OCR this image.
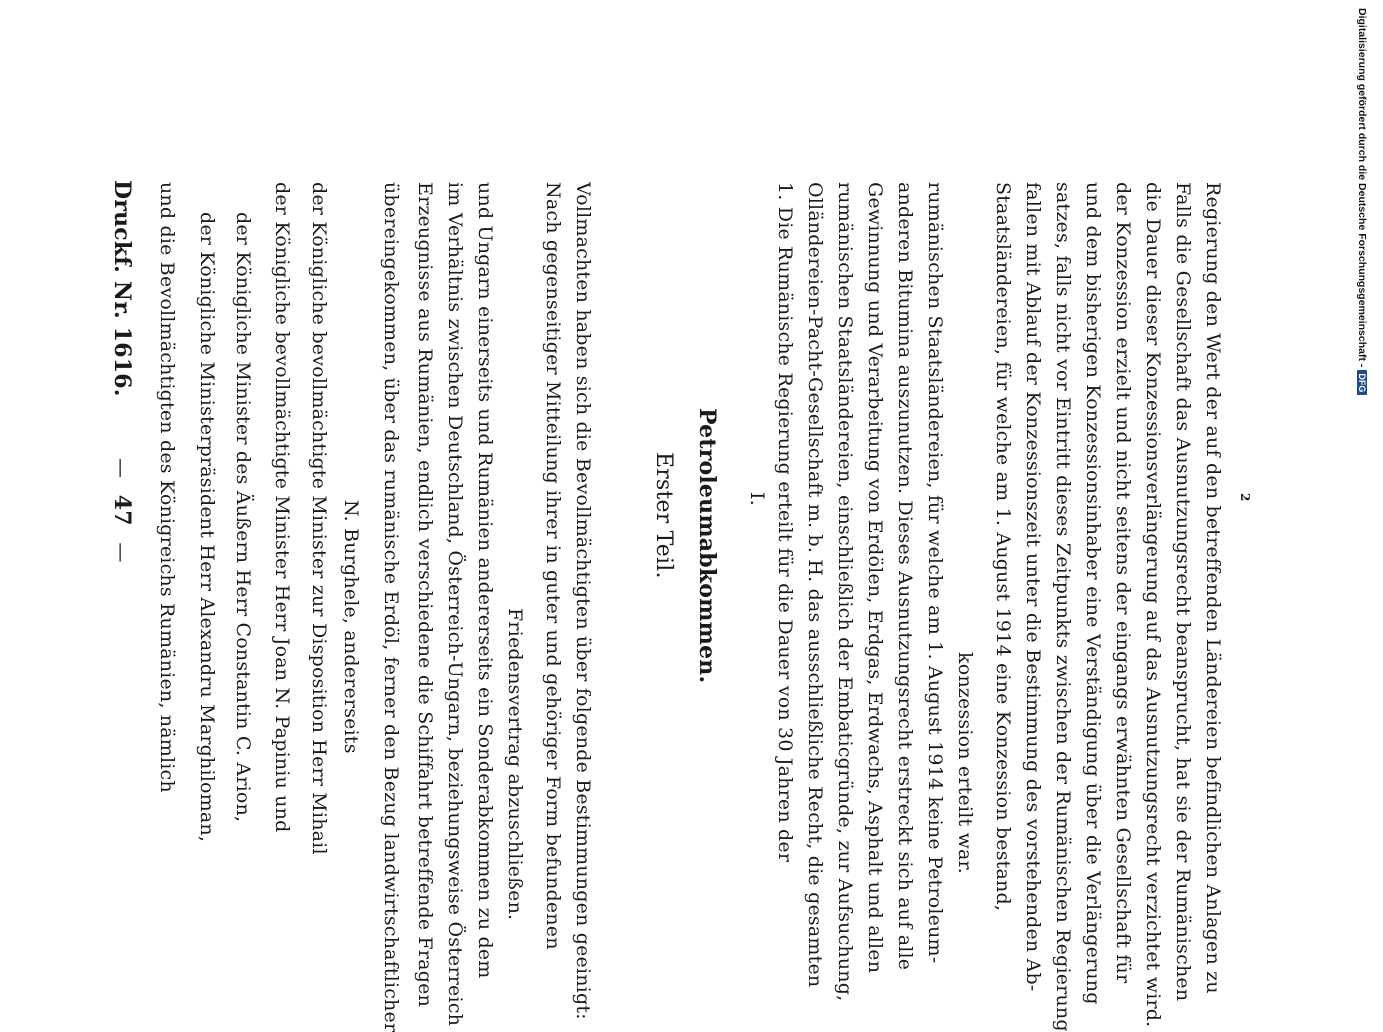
Druckf. Nr. 1616.
— 47 — und die Bevollmächtigten des Königreichs Rumänien, nämlich der Königliche Ministerpräsident Herr Alexandru Marghiloman, der Königliche Minister des Äußern Herr Constantin C. Arion, der Königliche bevollmächtigte Minister Herr Joan N. Papiniu und der Königliche bevollmächtigte Minister zur Disposition Herr Mihail N. Burghele, andererseits übereingekommen, über das rumänische Erdöl, ferner den Bezug landwirtschaftlicher Erzeugnisse aus Rumänien, endlich verschiedene die Schiffahrt betreffende Fragen im Verhältnis zwischen Deutschland, Österreich-Ungarn, beziehungsweise Österreich und Ungarn einerseits und Rumänien andererseits ein Sonderabkommen zu dem Friedensvertrag abzuschließen. Nach gegenseitiger Mitteilung ihrer in guter und gehöriger Form befundenen Vollmachten haben sich die Bevollmächtigten über folgende Bestimmungen geeinigt:	Erster Teil. Petroleumabkommen. I. 1. Die Rumänische Regierung erteilt für die Dauer von 30 Jahren der Olländereien-Pacht-Gesellschaft m. b. H. das ausschließliche Recht, die gesamten rumänischen Staatsländereien, einschließlich der Embaticgründe, zur Aufsuchung, Gewinnung und Verarbeitung von Erdölen, Erdgas, Erdwachs, Asphalt und allen anderen Bitumina auszunutzen. Dieses Ausnutzungsrecht erstreckt sich auf alle rumänischen Staatsländereien, für welche am 1. August 1914 keine Petroleum- konzession erteilt war. Staatsländereien, für welche am 1. August 1914 eine Konzession bestand, fallen mit Ablauf der Konzessionszeit unter die Bestimmung des vorstehenden Ab- satzes, falls nicht vor Eintritt dieses Zeitpunkts zwischen der Rumänischen Regierung und dem bisherigen Konzessionsinhaber eine Verständigung über die Verlängerung der Konzession erzielt und nicht seitens der eingangs erwähnten Gesellschaft für die Dauer dieser Konzessionsverlängerung auf das Ausnutzungsrecht verzichtet wird. Falls die Gesellschaft das Ausnutzungsrecht beansprucht, hat sie der Rumänischen Regierung den Wert der auf den betreffenden Ländereien befindlichen Anlagen zu 2
Digitalisierung gefördert durch die Deutsche Forschungsgemeinschaft -DFG
